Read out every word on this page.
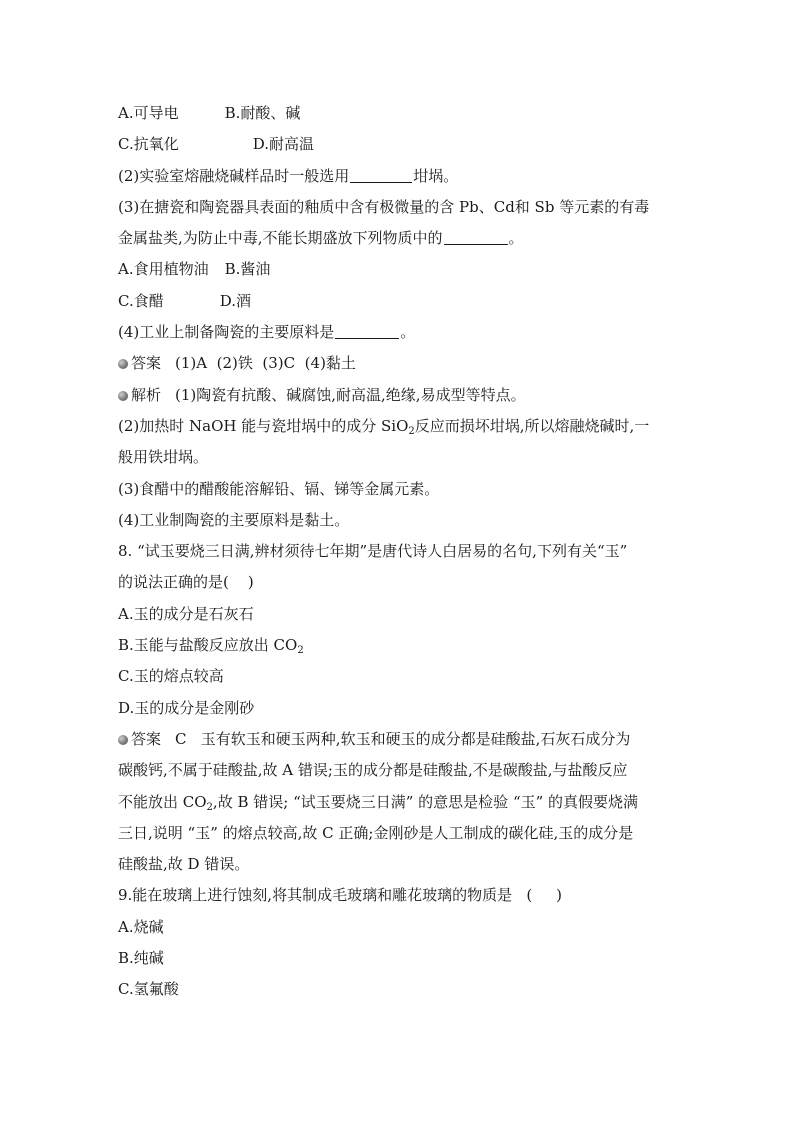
A.可导电	B.耐酸、碱
C.抗氧化	D.耐高温
(2)实验室熔融烧碱样品时一般选用	坩埚。
(3)在搪瓷和陶瓷器具表面的釉质中含有极微量的含 Pb、Cd和 Sb 等元素的有毒
金属盐类,为防止中毒,不能长期盛放下列物质中的	。
A.食用植物油 B.酱油
C.食醋	D.酒
(4)工业上制备陶瓷的主要原料是	。
答案 (1)A  (2)铁  (3)C  (4)黏土
解析 (1)陶瓷有抗酸、碱腐蚀,耐高温,绝缘,易成型等特点。
(2)加热时 NaOH 能与瓷坩埚中的成分 SiO$_2$反应而损坏坩埚,所以熔融烧碱时,一
般用铁坩埚。
(3)食醋中的醋酸能溶解铅、镉、锑等金属元素。
(4)工业制陶瓷的主要原料是黏土。
8. “试玉要烧三日满,辨材须待七年期”是唐代诗人白居易的名句,下列有关“玉”
的说法正确的是(    )
A.玉的成分是石灰石
B.玉能与盐酸反应放出 $CO_2$
C.玉的熔点较高
D.玉的成分是金刚砂
答案 C   玉有软玉和硬玉两种,软玉和硬玉的成分都是硅酸盐,石灰石成分为
碳酸钙,不属于硅酸盐,故 A 错误;玉的成分都是硅酸盐,不是碳酸盐,与盐酸反应
不能放出 $CO_2$,故 B 错误; “试玉要烧三日满” 的意思是检验 “玉” 的真假要烧满
三日,说明 “玉” 的熔点较高,故 C 正确;金刚砂是人工制成的碳化硅,玉的成分是
硅酸盐,故 D 错误。
9.能在玻璃上进行蚀刻,将其制成毛玻璃和雕花玻璃的物质是   (     )
A.烧碱
B.纯碱
C.氢氟酸
